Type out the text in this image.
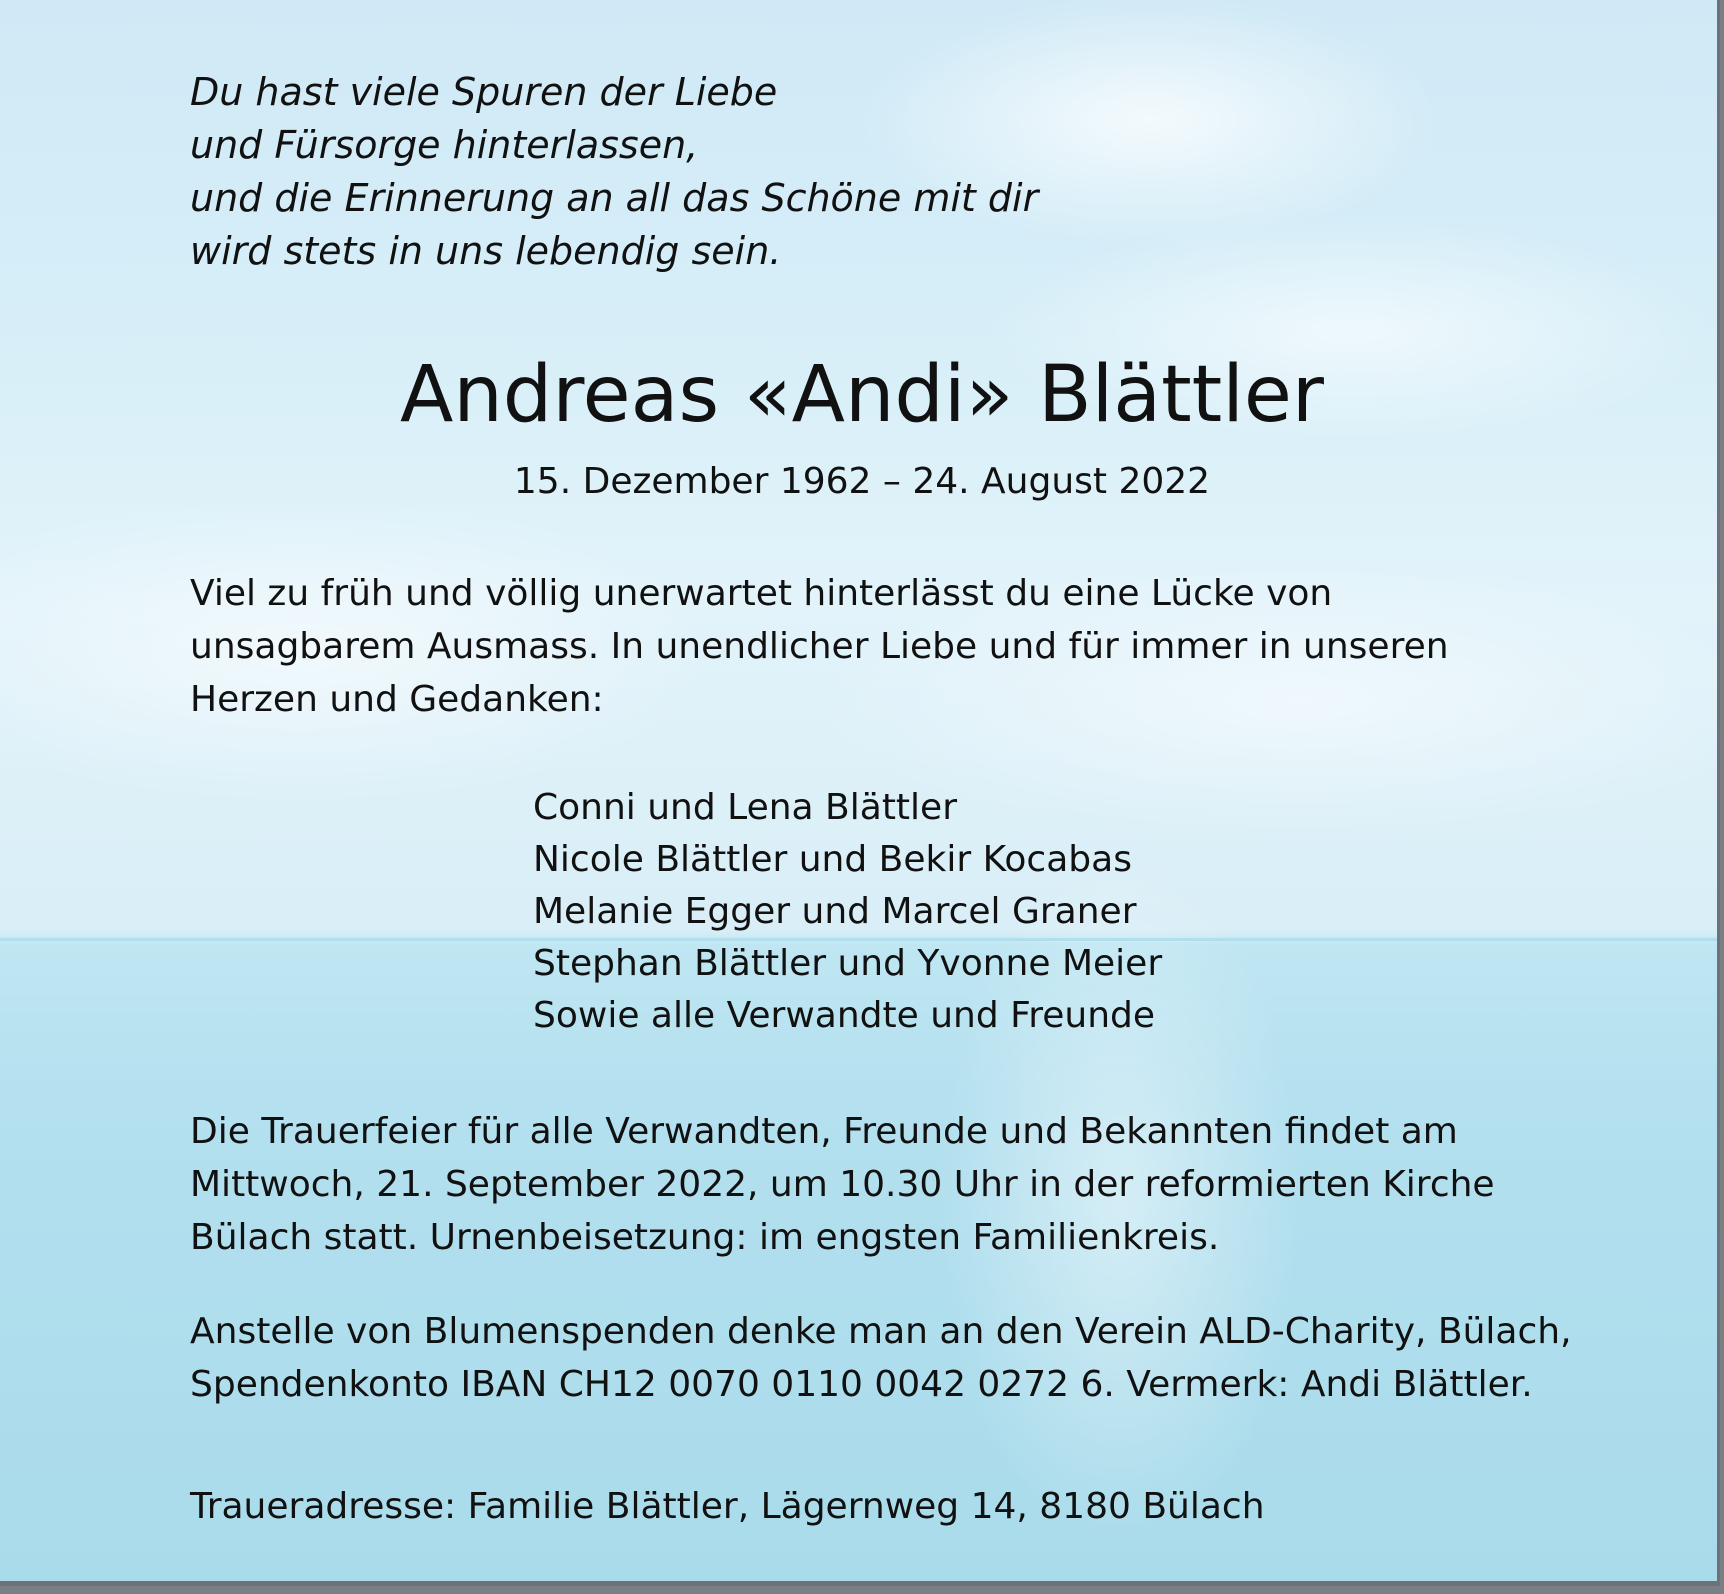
Du hast viele Spuren der Liebe
und Fürsorge hinterlassen,
und die Erinnerung an all das Schöne mit dir
wird stets in uns lebendig sein.

Andreas «Andi» Blättler

15. Dezember 1962 – 24. August 2022

Viel zu früh und völlig unerwartet hinterlässt du eine Lücke von
unsagbarem Ausmass. In unendlicher Liebe und für immer in unseren
Herzen und Gedanken:

Conni und Lena Blättler
Nicole Blättler und Bekir Kocabas
Melanie Egger und Marcel Graner
Stephan Blättler und Yvonne Meier
Sowie alle Verwandte und Freunde

Die Trauerfeier für alle Verwandten, Freunde und Bekannten findet am
Mittwoch, 21. September 2022, um 10.30 Uhr in der reformierten Kirche
Bülach statt. Urnenbeisetzung: im engsten Familienkreis.

Anstelle von Blumenspenden denke man an den Verein ALD-Charity, Bülach,
Spendenkonto IBAN CH12 0070 0110 0042 0272 6. Vermerk: Andi Blättler.

Traueradresse: Familie Blättler, Lägernweg 14, 8180 Bülach
